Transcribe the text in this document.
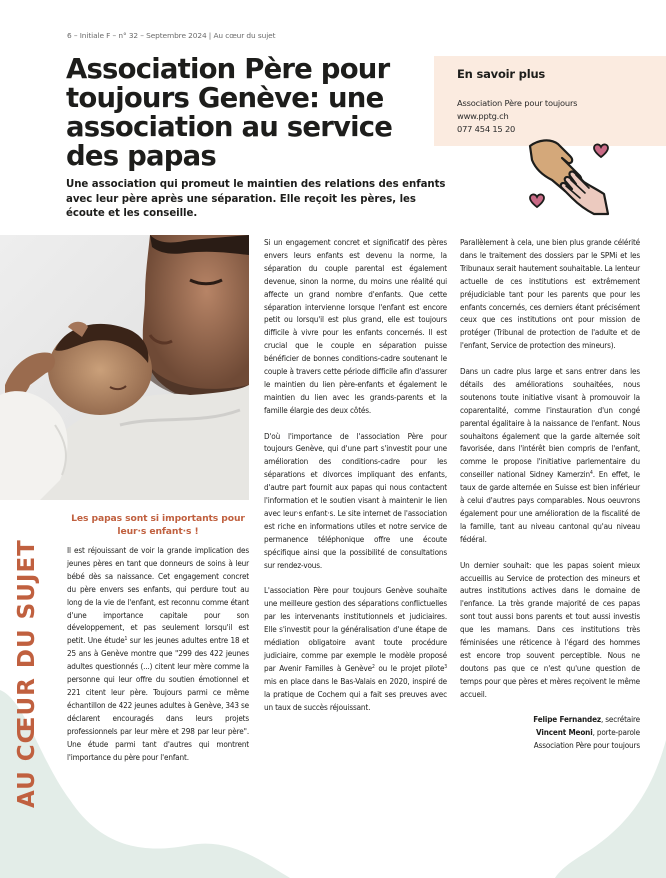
6 – Initiale F – n° 32 – Septembre 2024 | Au cœur du sujet
Association Père pour toujours Genève: une association au service des papas

Une association qui promeut le maintien des relations des enfants avec leur père après une séparation. Elle reçoit les pères, les écoute et les conseille.

En savoir plus
Association Père pour toujours
www.pptg.ch
077 454 15 20
AU CŒUR DU SUJET
Les papas sont si importants pour leur·s enfant·s !

Il est réjouissant de voir la grande implication des jeunes pères en tant que donneurs de soins à leur bébé dès sa naissance. Cet engagement concret du père envers ses enfants, qui perdure tout au long de la vie de l'enfant, est reconnu comme étant d'une importance capitale pour son développement, et pas seulement lorsqu'il est petit. Une étude$^1$ sur les jeunes adultes entre 18 et 25 ans à Genève montre que "299 des 422 jeunes adultes questionnés (...) citent leur mère comme la personne qui leur offre du soutien émotionnel et 221 citent leur père. Toujours parmi ce même échantillon de 422 jeunes adultes à Genève, 343 se déclarent encouragés dans leurs projets professionnels par leur mère et 298 par leur père". Une étude parmi tant d'autres qui montrent l'importance du père pour l'enfant.

Si un engagement concret et significatif des pères envers leurs enfants est devenu la norme, la séparation du couple parental est également devenue, sinon la norme, du moins une réalité qui affecte un grand nombre d'enfants. Que cette séparation intervienne lorsque l'enfant est encore petit ou lorsqu'il est plus grand, elle est toujours difficile à vivre pour les enfants concernés. Il est crucial que le couple en séparation puisse bénéficier de bonnes conditions-cadre soutenant le couple à travers cette période difficile afin d'assurer le maintien du lien père-enfants et également le maintien du lien avec les grands-parents et la famille élargie des deux côtés.

D'où l'importance de l'association Père pour toujours Genève, qui d'une part s'investit pour une amélioration des conditions-cadre pour les séparations et divorces impliquant des enfants, d'autre part fournit aux papas qui nous contactent l'information et le soutien visant à maintenir le lien avec leur·s enfant·s. Le site internet de l'association est riche en informations utiles et notre service de permanence téléphonique offre une écoute spécifique ainsi que la possibilité de consultations sur rendez-vous.

L'association Père pour toujours Genève souhaite une meilleure gestion des séparations conflictuelles par les intervenants institutionnels et judiciaires. Elle s'investit pour la généralisation d'une étape de médiation obligatoire avant toute procédure judiciaire, comme par exemple le modèle proposé par Avenir Familles à Genève$^2$ ou le projet pilote$^3$ mis en place dans le Bas-Valais en 2020, inspiré de la pratique de Cochem qui a fait ses preuves avec un taux de succès réjouissant.

Parallèlement à cela, une bien plus grande célérité dans le traitement des dossiers par le SPMi et les Tribunaux serait hautement souhaitable. La lenteur actuelle de ces institutions est extrêmement préjudiciable tant pour les parents que pour les enfants concernés, ces derniers étant précisément ceux que ces institutions ont pour mission de protéger (Tribunal de protection de l'adulte et de l'enfant, Service de protection des mineurs).

Dans un cadre plus large et sans entrer dans les détails des améliorations souhaitées, nous soutenons toute initiative visant à promouvoir la coparentalité, comme l'instauration d'un congé parental égalitaire à la naissance de l'enfant. Nous souhaitons également que la garde alternée soit favorisée, dans l'intérêt bien compris de l'enfant, comme le propose l'initiative parlementaire du conseiller national Sidney Kamerzin$^4$. En effet, le taux de garde alternée en Suisse est bien inférieur à celui d'autres pays comparables. Nous oeuvrons également pour une amélioration de la fiscalité de la famille, tant au niveau cantonal qu'au niveau fédéral.

Un dernier souhait: que les papas soient mieux accueillis au Service de protection des mineurs et autres institutions actives dans le domaine de l'enfance. La très grande majorité de ces papas sont tout aussi bons parents et tout aussi investis que les mamans. Dans ces institutions très féminisées une réticence à l'égard des hommes est encore trop souvent perceptible. Nous ne doutons pas que ce n'est qu'une question de temps pour que pères et mères reçoivent le même accueil.

Felipe Fernandez, secrétaire
Vincent Meoni, porte-parole
Association Père pour toujours
